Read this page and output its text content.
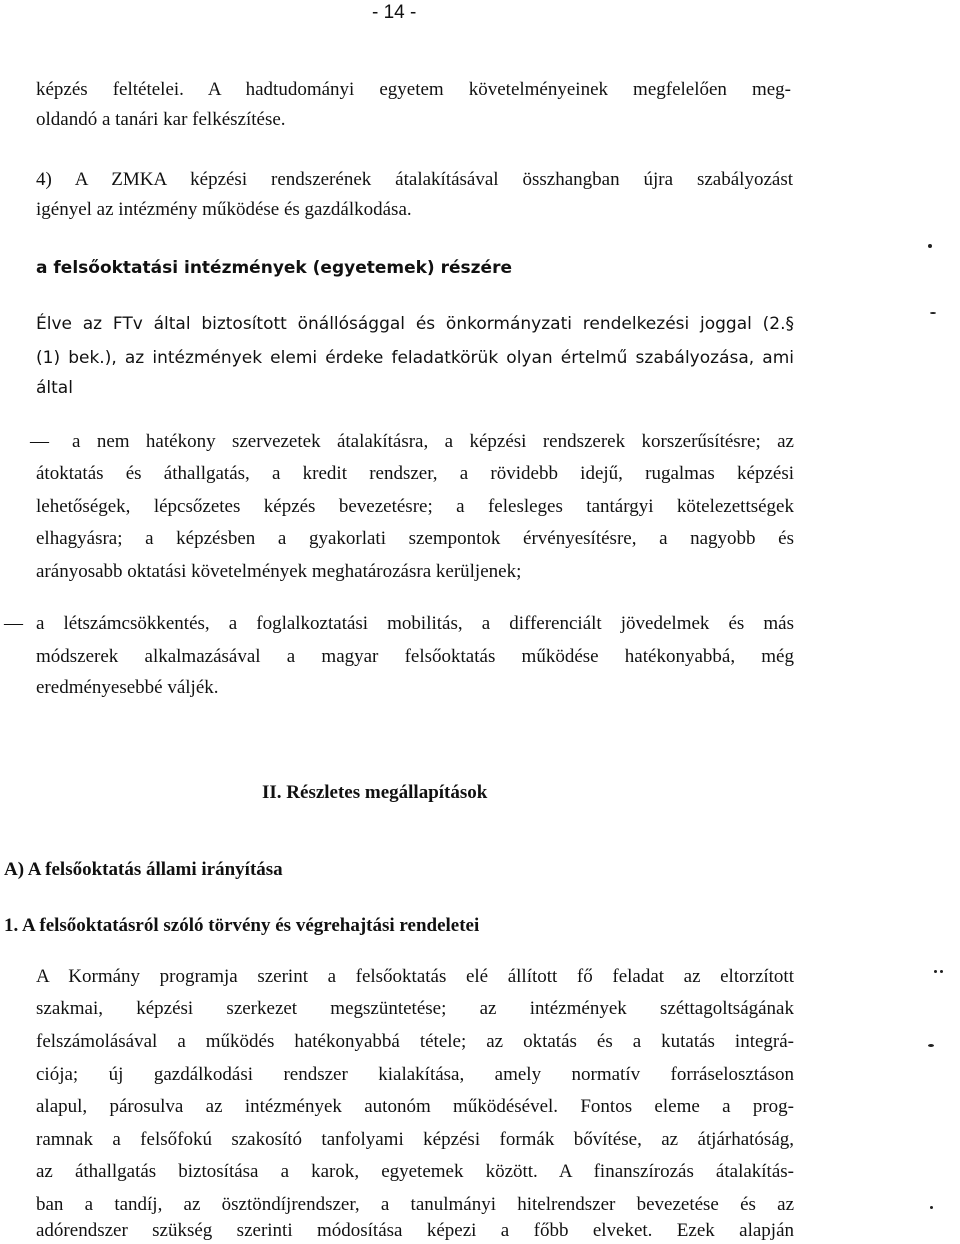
- 14 -
képzés feltételei. A hadtudományi egyetem követelményeinek megfelelően meg-
oldandó a tanári kar felkészítése.
4) A ZMKA képzési rendszerének átalakításával összhangban újra szabályozást
igényel az intézmény működése és gazdálkodása.
a felsőoktatási intézmények (egyetemek) részére
Élve az FTv által biztosított önállósággal és önkormányzati rendelkezési joggal (2.§
(1) bek.), az intézmények elemi érdeke feladatkörük olyan értelmű szabályozása, ami
által
— a nem hatékony szervezetek átalakításra, a képzési rendszerek korszerűsítésre; az
átoktatás és áthallgatás, a kredit rendszer, a rövidebb idejű, rugalmas képzési
lehetőségek, lépcsőzetes képzés bevezetésre; a felesleges tantárgyi kötelezettségek
elhagyásra; a képzésben a gyakorlati szempontok érvényesítésre, a nagyobb és
arányosabb oktatási követelmények meghatározásra kerüljenek;
— a létszámcsökkentés, a foglalkoztatási mobilitás, a differenciált jövedelmek és más
módszerek alkalmazásával a magyar felsőoktatás működése hatékonyabbá, még
eredményesebbé váljék.
II. Részletes megállapítások
A) A felsőoktatás állami irányítása
1. A felsőoktatásról szóló törvény és végrehajtási rendeletei
A Kormány programja szerint a felsőoktatás elé állított fő feladat az eltorzított
szakmai, képzési szerkezet megszüntetése; az intézmények széttagoltságának
felszámolásával a működés hatékonyabbá tétele; az oktatás és a kutatás integrá-
ciója; új gazdálkodási rendszer kialakítása, amely normatív forráselosztáson
alapul, párosulva az intézmények autonóm működésével. Fontos eleme a prog-
ramnak a felsőfokú szakosító tanfolyami képzési formák bővítése, az átjárhatóság,
az áthallgatás biztosítása a karok, egyetemek között. A finanszírozás átalakítás-
ban a tandíj, az ösztöndíjrendszer, a tanulmányi hitelrendszer bevezetése és az
adórendszer szükség szerinti módosítása képezi a főbb elveket. Ezek alapján
